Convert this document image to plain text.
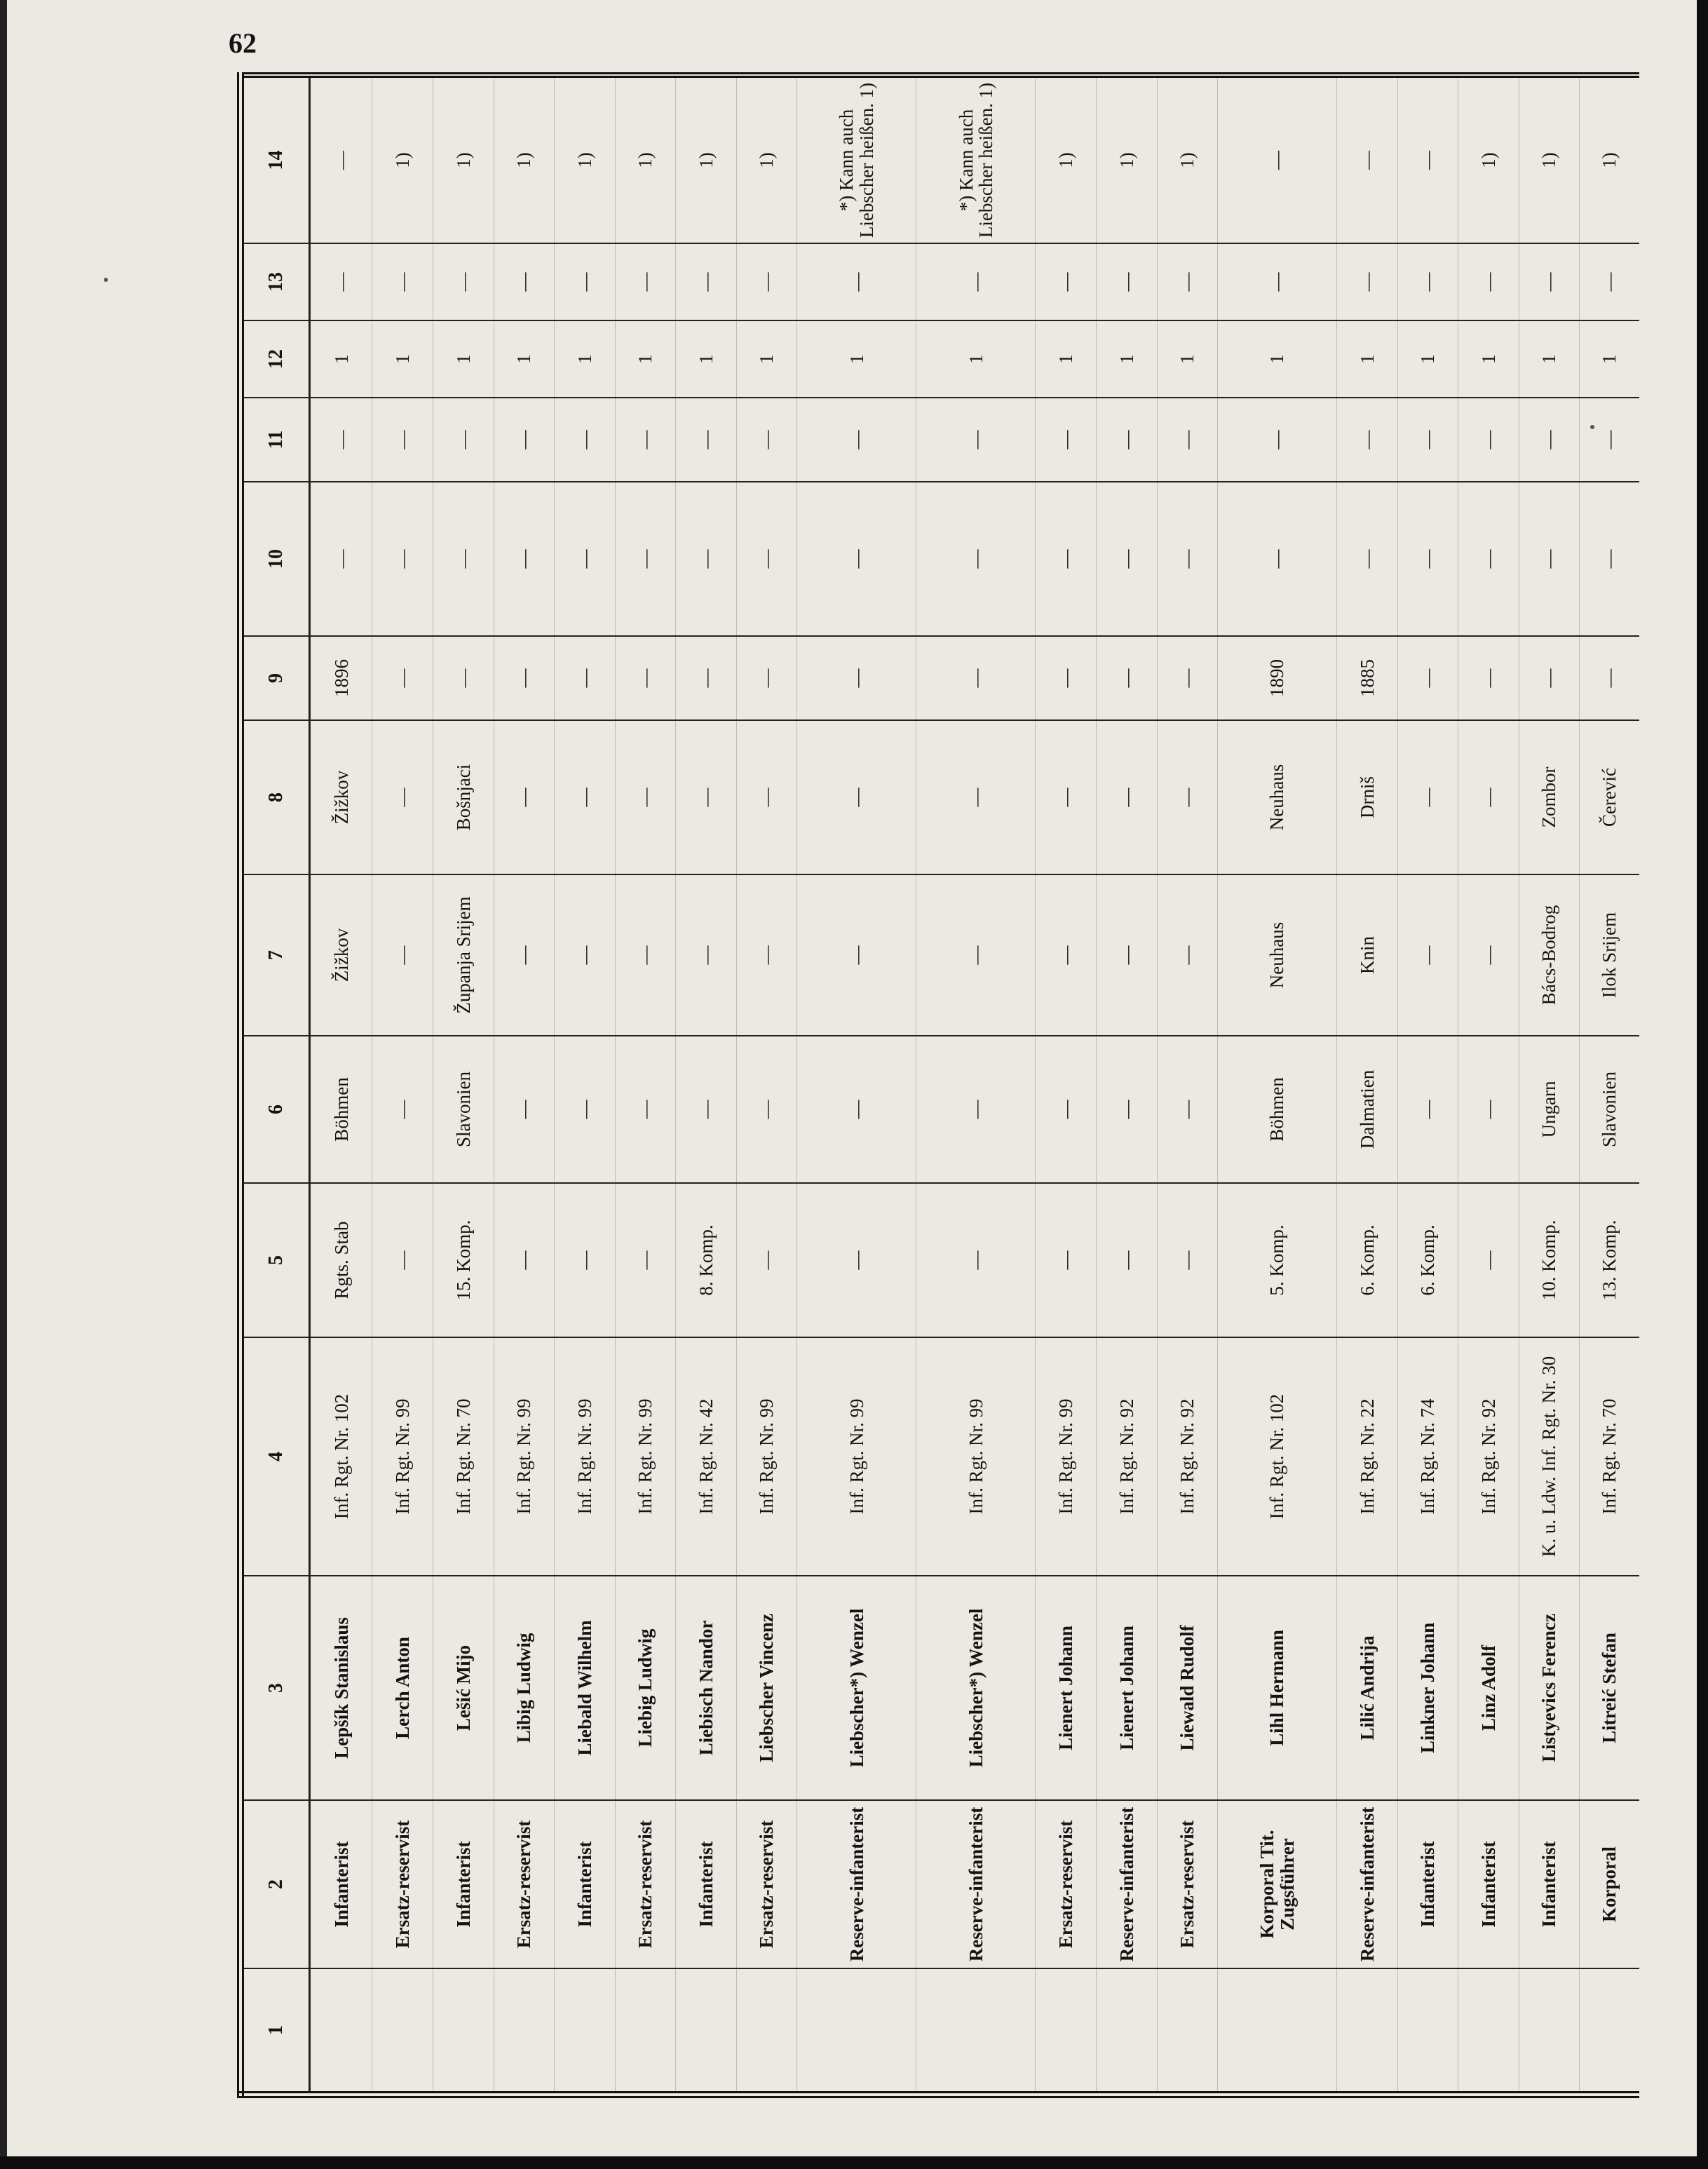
62
1	2	3	4	5	6	7	8	9	10	11	12	13	14
	Infanterist	Lepšík Stanislaus	Inf. Rgt. Nr. 102	Rgts. Stab	Böhmen	Žižkov	Žižkov	1896	—	—	1	—	—
	Ersatz-reservist	Lerch Anton	Inf. Rgt. Nr. 99	—	—	—	—	—	—	—	1	—	1)
	Infanterist	Lešić Mijo	Inf. Rgt. Nr. 70	15. Komp.	Slavonien	Županja Srijem	Bošnjaci	—	—	—	1	—	1)
	Ersatz-reservist	Libig Ludwig	Inf. Rgt. Nr. 99	—	—	—	—	—	—	—	1	—	1)
	Infanterist	Liebald Wilhelm	Inf. Rgt. Nr. 99	—	—	—	—	—	—	—	1	—	1)
	Ersatz-reservist	Liebig Ludwig	Inf. Rgt. Nr. 99	—	—	—	—	—	—	—	1	—	1)
	Infanterist	Liebisch Nandor	Inf. Rgt. Nr. 42	8. Komp.	—	—	—	—	—	—	1	—	1)
	Ersatz-reservist	Liebscher Vincenz	Inf. Rgt. Nr. 99	—	—	—	—	—	—	—	1	—	1)
	Reserve-infanterist	Liebscher*) Wenzel	Inf. Rgt. Nr. 99	—	—	—	—	—	—	—	1	—	*) Kann auch Liebscher heißen. 1)
	Reserve-infanterist	Liebscher*) Wenzel	Inf. Rgt. Nr. 99	—	—	—	—	—	—	—	1	—	*) Kann auch Liebscher heißen. 1)
	Ersatz-reservist	Lienert Johann	Inf. Rgt. Nr. 99	—	—	—	—	—	—	—	1	—	1)
	Reserve-infanterist	Lienert Johann	Inf. Rgt. Nr. 92	—	—	—	—	—	—	—	1	—	1)
	Ersatz-reservist	Liewald Rudolf	Inf. Rgt. Nr. 92	—	—	—	—	—	—	—	1	—	1)
	Korporal Tit. Zugsführer	Lihl Hermann	Inf. Rgt. Nr. 102	5. Komp.	Böhmen	Neuhaus	Neuhaus	1890	—	—	1	—	—
	Reserve-infanterist	Lilić Andrija	Inf. Rgt. Nr. 22	6. Komp.	Dalmatien	Knin	Drniš	1885	—	—	1	—	—
	Infanterist	Linkner Johann	Inf. Rgt. Nr. 74	6. Komp.	—	—	—	—	—	—	1	—	—
	Infanterist	Linz Adolf	Inf. Rgt. Nr. 92	—	—	—	—	—	—	—	1	—	1)
	Infanterist	Listyevics Ferencz	K. u. Ldw. Inf. Rgt. Nr. 30	10. Komp.	Ungarn	Bács-Bodrog	Zombor	—	—	—	1	—	1)
	Korporal	Litreić Stefan	Inf. Rgt. Nr. 70	13. Komp.	Slavonien	Ilok Srijem	Čerević	—	—	—	1	—	1)
